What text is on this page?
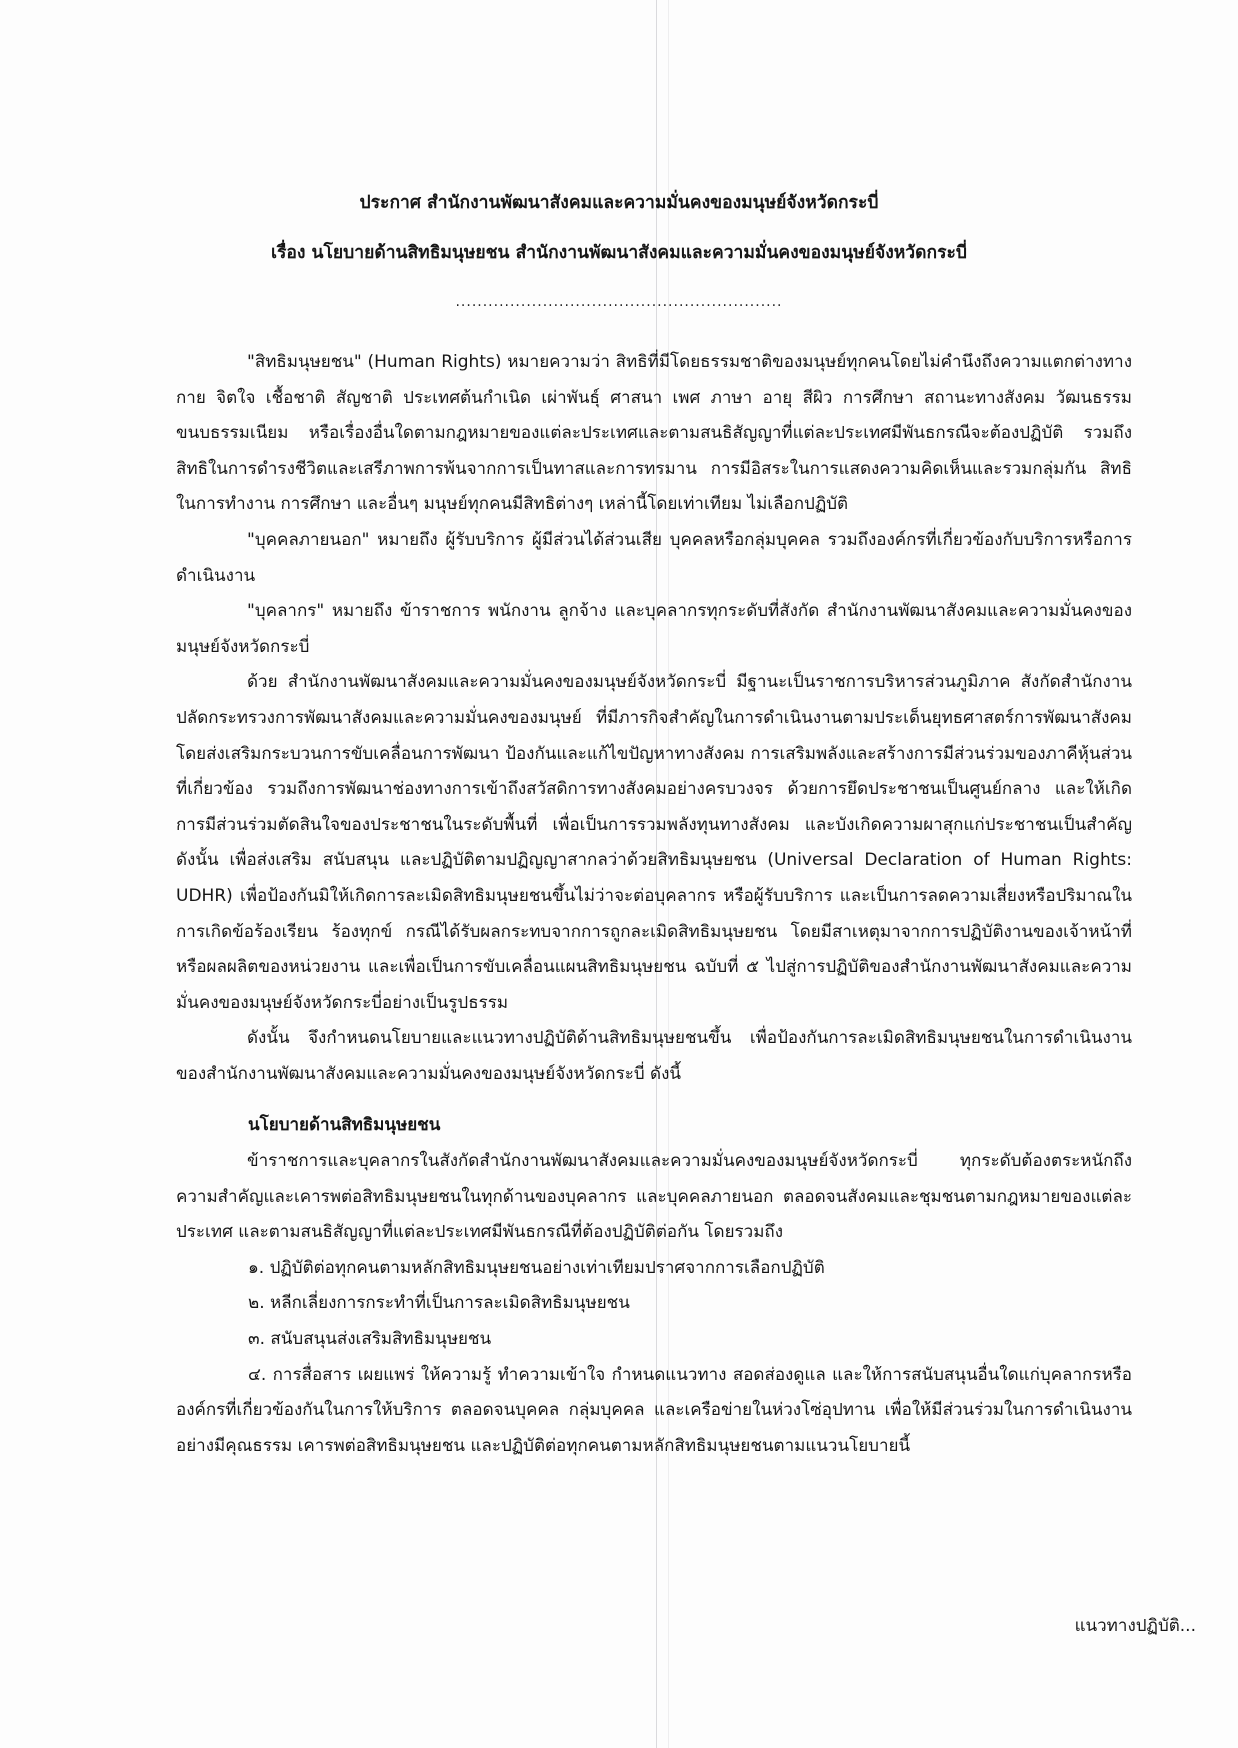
ประกาศ สำนักงานพัฒนาสังคมและความมั่นคงของมนุษย์จังหวัดกระบี่
เรื่อง นโยบายด้านสิทธิมนุษยชน สำนักงานพัฒนาสังคมและความมั่นคงของมนุษย์จังหวัดกระบี่
............................................................

"สิทธิมนุษยชน" (Human Rights) หมายความว่า สิทธิที่มีโดยธรรมชาติของมนุษย์ทุกคนโดยไม่คำนึงถึงความแตกต่างทางกาย จิตใจ เชื้อชาติ สัญชาติ ประเทศต้นกำเนิด เผ่าพันธุ์ ศาสนา เพศ ภาษา อายุ สีผิว การศึกษา สถานะทางสังคม วัฒนธรรม ขนบธรรมเนียม หรือเรื่องอื่นใดตามกฎหมายของแต่ละประเทศและตามสนธิสัญญาที่แต่ละประเทศมีพันธกรณีจะต้องปฏิบัติ รวมถึงสิทธิในการดำรงชีวิตและเสรีภาพการพ้นจากการเป็นทาสและการทรมาน การมีอิสระในการแสดงความคิดเห็นและรวมกลุ่มกัน สิทธิในการทำงาน การศึกษา และอื่นๆ มนุษย์ทุกคนมีสิทธิต่างๆ เหล่านี้โดยเท่าเทียม ไม่เลือกปฏิบัติ

"บุคคลภายนอก" หมายถึง ผู้รับบริการ ผู้มีส่วนได้ส่วนเสีย บุคคลหรือกลุ่มบุคคล รวมถึงองค์กรที่เกี่ยวข้องกับบริการหรือการดำเนินงาน

"บุคลากร" หมายถึง ข้าราชการ พนักงาน ลูกจ้าง และบุคลากรทุกระดับที่สังกัด สำนักงานพัฒนาสังคมและความมั่นคงของมนุษย์จังหวัดกระบี่

ด้วย สำนักงานพัฒนาสังคมและความมั่นคงของมนุษย์จังหวัดกระบี่ มีฐานะเป็นราชการบริหารส่วนภูมิภาค สังกัดสำนักงานปลัดกระทรวงการพัฒนาสังคมและความมั่นคงของมนุษย์ ที่มีภารกิจสำคัญในการดำเนินงานตามประเด็นยุทธศาสตร์การพัฒนาสังคม โดยส่งเสริมกระบวนการขับเคลื่อนการพัฒนา ป้องกันและแก้ไขปัญหาทางสังคม การเสริมพลังและสร้างการมีส่วนร่วมของภาคีหุ้นส่วนที่เกี่ยวข้อง รวมถึงการพัฒนาช่องทางการเข้าถึงสวัสดิการทางสังคมอย่างครบวงจร ด้วยการยึดประชาชนเป็นศูนย์กลาง และให้เกิดการมีส่วนร่วมตัดสินใจของประชาชนในระดับพื้นที่ เพื่อเป็นการรวมพลังทุนทางสังคม และบังเกิดความผาสุกแก่ประชาชนเป็นสำคัญ ดังนั้น เพื่อส่งเสริม สนับสนุน และปฏิบัติตามปฏิญญาสากลว่าด้วยสิทธิมนุษยชน (Universal Declaration of Human Rights: UDHR) เพื่อป้องกันมิให้เกิดการละเมิดสิทธิมนุษยชนขึ้นไม่ว่าจะต่อบุคลากร หรือผู้รับบริการ และเป็นการลดความเสี่ยงหรือปริมาณในการเกิดข้อร้องเรียน ร้องทุกข์ กรณีได้รับผลกระทบจากการถูกละเมิดสิทธิมนุษยชน โดยมีสาเหตุมาจากการปฏิบัติงานของเจ้าหน้าที่ หรือผลผลิตของหน่วยงาน และเพื่อเป็นการขับเคลื่อนแผนสิทธิมนุษยชน ฉบับที่ ๕ ไปสู่การปฏิบัติของสำนักงานพัฒนาสังคมและความมั่นคงของมนุษย์จังหวัดกระบี่อย่างเป็นรูปธรรม

ดังนั้น จึงกำหนดนโยบายและแนวทางปฏิบัติด้านสิทธิมนุษยชนขึ้น เพื่อป้องกันการละเมิดสิทธิมนุษยชนในการดำเนินงานของสำนักงานพัฒนาสังคมและความมั่นคงของมนุษย์จังหวัดกระบี่ ดังนี้

นโยบายด้านสิทธิมนุษยชน

ข้าราชการและบุคลากรในสังกัดสำนักงานพัฒนาสังคมและความมั่นคงของมนุษย์จังหวัดกระบี่ ทุกระดับต้องตระหนักถึงความสำคัญและเคารพต่อสิทธิมนุษยชนในทุกด้านของบุคลากร และบุคคลภายนอก ตลอดจนสังคมและชุมชนตามกฎหมายของแต่ละประเทศ และตามสนธิสัญญาที่แต่ละประเทศมีพันธกรณีที่ต้องปฏิบัติต่อกัน โดยรวมถึง

๑. ปฏิบัติต่อทุกคนตามหลักสิทธิมนุษยชนอย่างเท่าเทียมปราศจากการเลือกปฏิบัติ

๒. หลีกเลี่ยงการกระทำที่เป็นการละเมิดสิทธิมนุษยชน

๓. สนับสนุนส่งเสริมสิทธิมนุษยชน

๔. การสื่อสาร เผยแพร่ ให้ความรู้ ทำความเข้าใจ กำหนดแนวทาง สอดส่องดูแล และให้การสนับสนุนอื่นใดแก่บุคลากรหรือองค์กรที่เกี่ยวข้องกันในการให้บริการ ตลอดจนบุคคล กลุ่มบุคคล และเครือข่ายในห่วงโซ่อุปทาน เพื่อให้มีส่วนร่วมในการดำเนินงานอย่างมีคุณธรรม เคารพต่อสิทธิมนุษยชน และปฏิบัติต่อทุกคนตามหลักสิทธิมนุษยชนตามแนวนโยบายนี้

แนวทางปฏิบัติ...
